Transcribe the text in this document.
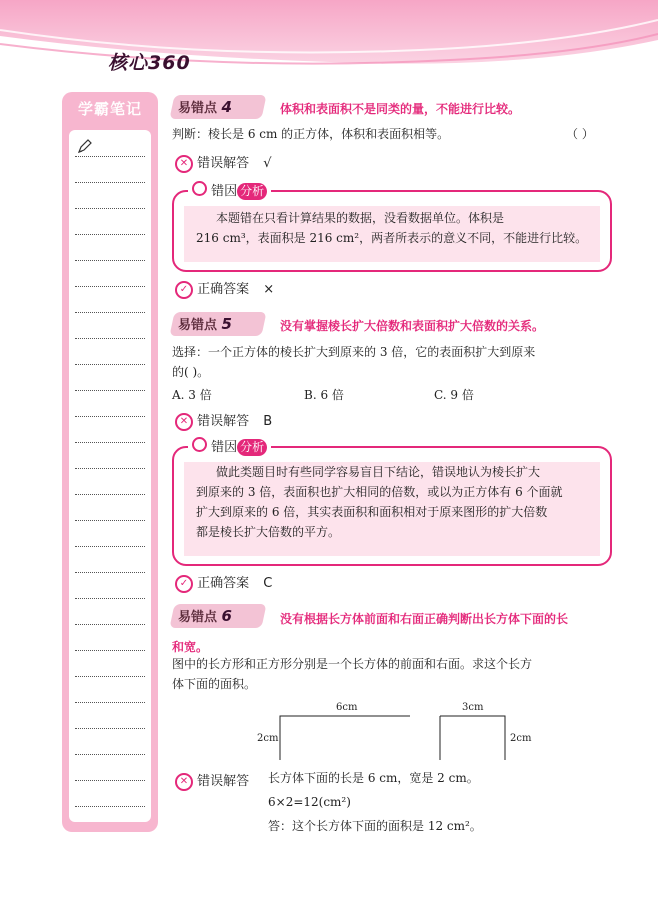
核心360
学霸笔记	易错点 4	体积和表面积不是同类的量，不能进行比较。
判断：棱长是 6 cm 的正方体，体积和表面积相等。	（ ）
✕ 错误解答 √
错因 分析
本题错在只看计算结果的数据，没看数据单位。体积是
216 cm³，表面积是 216 cm²，两者所表示的意义不同，不能进行比较。
✓ 正确答案 ×
易错点 5	没有掌握棱长扩大倍数和表面积扩大倍数的关系。
选择：一个正方体的棱长扩大到原来的 3 倍，它的表面积扩大到原来
的( )。
A. 3 倍	B. 6 倍	C. 9 倍
✕ 错误解答 B
错因 分析
做此类题目时有些同学容易盲目下结论，错误地认为棱长扩大
到原来的 3 倍，表面积也扩大相同的倍数，或以为正方体有 6 个面就
扩大到原来的 6 倍，其实表面积和面积相对于原来图形的扩大倍数
都是棱长扩大倍数的平方。
✓ 正确答案 C
易错点 6	没有根据长方体前面和右面正确判断出长方体下面的长
和宽。
图中的长方形和正方形分别是一个长方体的前面和右面。求这个长方
体下面的面积。
6cm
2cm
3cm
2cm
✕ 错误解答 长方体下面的长是 6 cm，宽是 2 cm。
6×2=12(cm²)
答：这个长方体下面的面积是 12 cm²。
